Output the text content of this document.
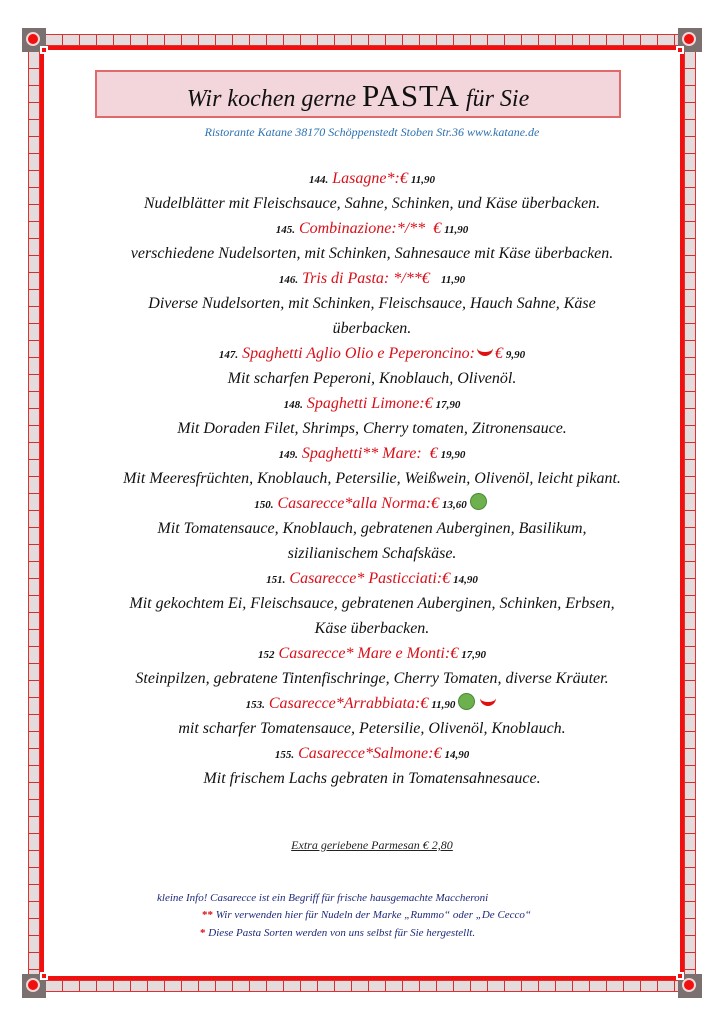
Wir kochen gerne PASTA für Sie
Ristorante Katane 38170 Schöppenstedt Stoben Str.36 www.katane.de
144. Lasagne*:€ 11,90
Nudelblätter mit Fleischsauce, Sahne, Schinken, und Käse überbacken.
145. Combinazione:*/**  € 11,90
verschiedene Nudelsorten, mit Schinken, Sahnesauce mit Käse überbacken.
146. Tris di Pasta: */**€   11,90
Diverse Nudelsorten, mit Schinken, Fleischsauce, Hauch Sahne, Käse
überbacken.
147. Spaghetti Aglio Olio e Peperoncino: € 9,90
Mit scharfen Peperoni, Knoblauch, Olivenöl.
148. Spaghetti Limone:€ 17,90
Mit Doraden Filet, Shrimps, Cherry tomaten, Zitronensauce.
149. Spaghetti** Mare:  € 19,90
Mit Meeresfrüchten, Knoblauch, Petersilie, Weißwein, Olivenöl, leicht pikant.
150. Casarecce*alla Norma:€ 13,60
Mit Tomatensauce, Knoblauch, gebratenen Auberginen, Basilikum,
sizilianischem Schafskäse.
151. Casarecce* Pasticciati:€ 14,90
Mit gekochtem Ei, Fleischsauce, gebratenen Auberginen, Schinken, Erbsen,
Käse überbacken.
152 Casarecce* Mare e Monti:€ 17,90
Steinpilzen, gebratene Tintenfischringe, Cherry Tomaten, diverse Kräuter.
153. Casarecce*Arrabbiata:€ 11,90
mit scharfer Tomatensauce, Petersilie, Olivenöl, Knoblauch.
155. Casarecce*Salmone:€ 14,90
Mit frischem Lachs gebraten in Tomatensahnesauce.
Extra geriebene Parmesan € 2,80
kleine Info! Casarecce ist ein Begriff für frische hausgemachte Maccheroni
** Wir verwenden hier für Nudeln der Marke „Rummo“ oder „De Cecco“
* Diese Pasta Sorten werden von uns selbst für Sie hergestellt.
